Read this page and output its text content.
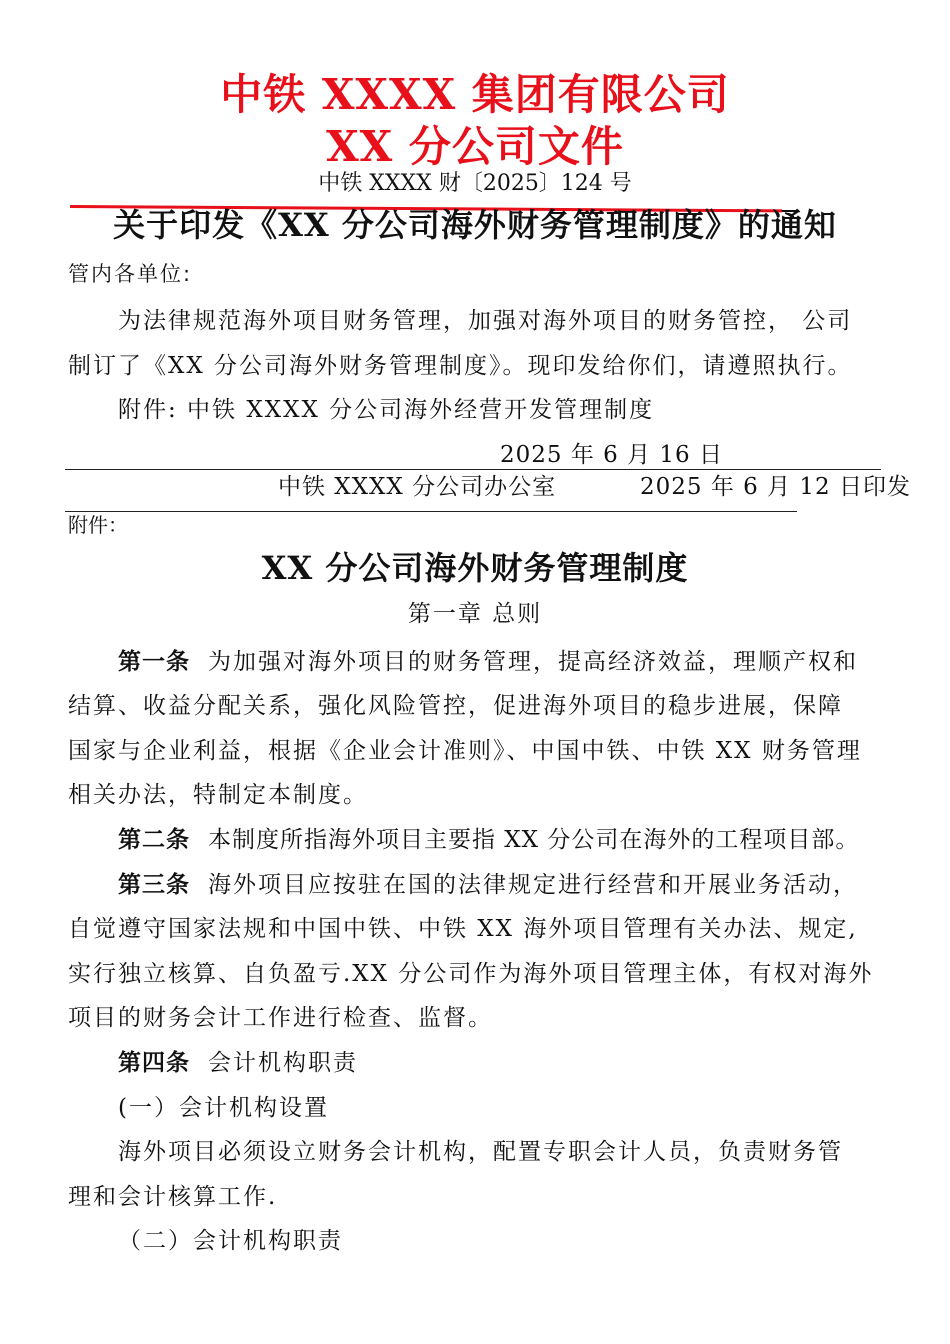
中铁 XXXX 集团有限公司
XX 分公司文件
中铁 XXXX 财〔2025〕124 号
关于印发《XX 分公司海外财务管理制度》的通知
管内各单位:
为法律规范海外项目财务管理，加强对海外项目的财务管控， 公司
制订了《XX 分公司海外财务管理制度》。现印发给你们，请遵照执行。
附件: 中铁 XXXX 分公司海外经营开发管理制度
2025 年 6 月 16 日
中铁 XXXX 分公司办公室	2025 年 6 月 12 日印发
附件：
XX 分公司海外财务管理制度
第一章 总则
第一条 为加强对海外项目的财务管理，提高经济效益，理顺产权和
结算、收益分配关系，强化风险管控，促进海外项目的稳步进展，保障
国家与企业利益，根据《企业会计准则》、中国中铁、中铁 XX 财务管理
相关办法，特制定本制度。
第二条 本制度所指海外项目主要指 XX 分公司在海外的工程项目部。
第三条 海外项目应按驻在国的法律规定进行经营和开展业务活动，
自觉遵守国家法规和中国中铁、中铁 XX 海外项目管理有关办法、规定,
实行独立核算、自负盈亏.XX 分公司作为海外项目管理主体，有权对海外
项目的财务会计工作进行检查、监督。
第四条 会计机构职责
(一）会计机构设置
海外项目必须设立财务会计机构，配置专职会计人员，负责财务管
理和会计核算工作.
（二）会计机构职责
